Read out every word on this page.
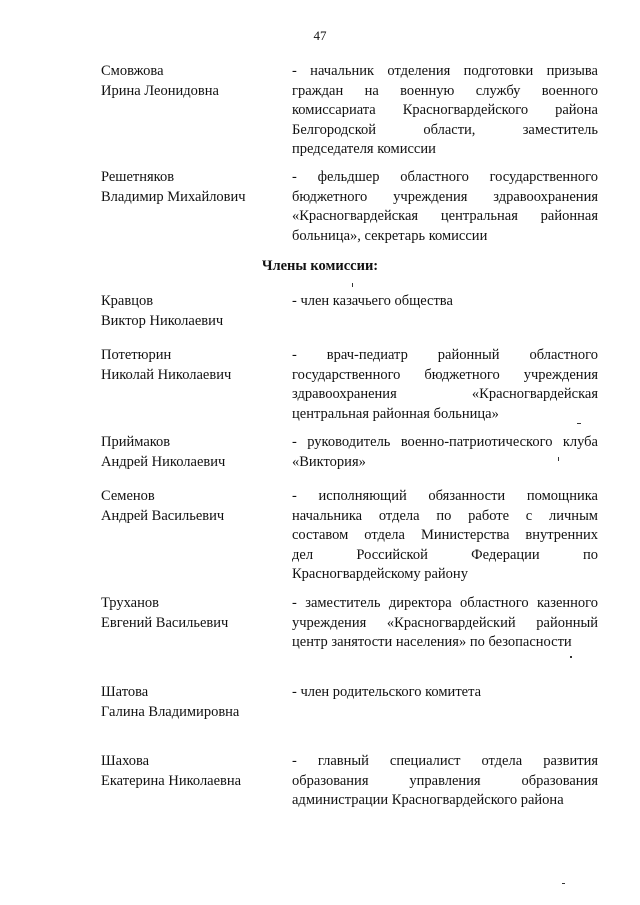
47
Смовжова
Ирина Леонидовна
- начальник отделения подготовки призыва
граждан на военную службу военного
комиссариата Красногвардейского района
Белгородской области, заместитель
председателя комиссии
Решетняков
Владимир Михайлович
- фельдшер областного государственного
бюджетного учреждения здравоохранения
«Красногвардейская центральная районная
больница», секретарь комиссии
Члены комиссии:
Кравцов
Виктор Николаевич
- член казачьего общества
Потетюрин
Николай Николаевич
- врач-педиатр районный областного
государственного бюджетного учреждения
здравоохранения «Красногвардейская
центральная районная больница»
Приймаков
Андрей Николаевич
- руководитель военно-патриотического клуба
«Виктория»
Семенов
Андрей Васильевич
- исполняющий обязанности помощника
начальника отдела по работе с личным
составом отдела Министерства внутренних
дел Российской Федерации по
Красногвардейскому району
Труханов
Евгений Васильевич
- заместитель директора областного казенного
учреждения «Красногвардейский районный
центр занятости населения» по безопасности
Шатова
Галина Владимировна
- член родительского комитета
Шахова
Екатерина Николаевна
- главный специалист отдела развития
образования управления образования
администрации Красногвардейского района
